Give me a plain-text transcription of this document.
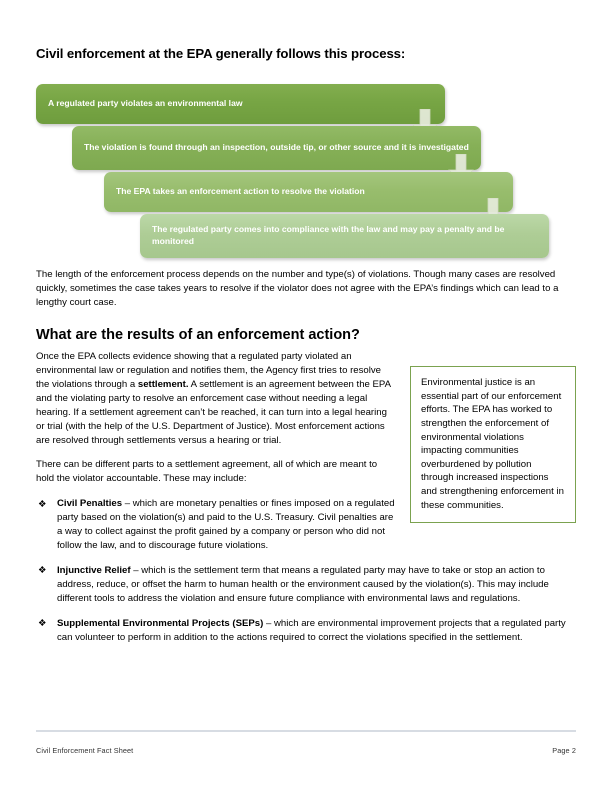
Civil enforcement at the EPA generally follows this process:
A regulated party violates an environmental law
The violation is found through an inspection, outside tip, or other source and it is investigated
The EPA takes an enforcement action to resolve the violation
The regulated party comes into compliance with the law and may pay a penalty and be monitored

The length of the enforcement process depends on the number and type(s) of violations. Though many cases are resolved quickly, sometimes the case takes years to resolve if the violator does not agree with the EPA’s findings which can lead to a lengthy court case.

What are the results of an enforcement action?

Environmental justice is an essential part of our enforcement efforts. The EPA has worked to strengthen the enforcement of environmental violations impacting communities overburdened by pollution through increased inspections and strengthening enforcement in these communities.

Once the EPA collects evidence showing that a regulated party violated an environmental law or regulation and notifies them, the Agency first tries to resolve the violations through a settlement. A settlement is an agreement between the EPA and the violating party to resolve an enforcement case without needing a legal hearing. If a settlement agreement can’t be reached, it can turn into a legal hearing or trial (with the help of the U.S. Department of Justice). Most enforcement actions are resolved through settlements versus a hearing or trial.

There can be different parts to a settlement agreement, all of which are meant to hold the violator accountable. These may include:

❖ Civil Penalties – which are monetary penalties or fines imposed on a regulated party based on the violation(s) and paid to the U.S. Treasury. Civil penalties are a way to collect against the profit gained by a company or person who did not follow the law, and to discourage future violations.
❖ Injunctive Relief – which is the settlement term that means a regulated party may have to take or stop an action to address, reduce, or offset the harm to human health or the environment caused by the violation(s). This may include different tools to address the violation and ensure future compliance with environmental laws and regulations.
❖ Supplemental Environmental Projects (SEPs) – which are environmental improvement projects that a regulated party can volunteer to perform in addition to the actions required to correct the violations specified in the settlement.
Civil Enforcement Fact Sheet	Page 2
